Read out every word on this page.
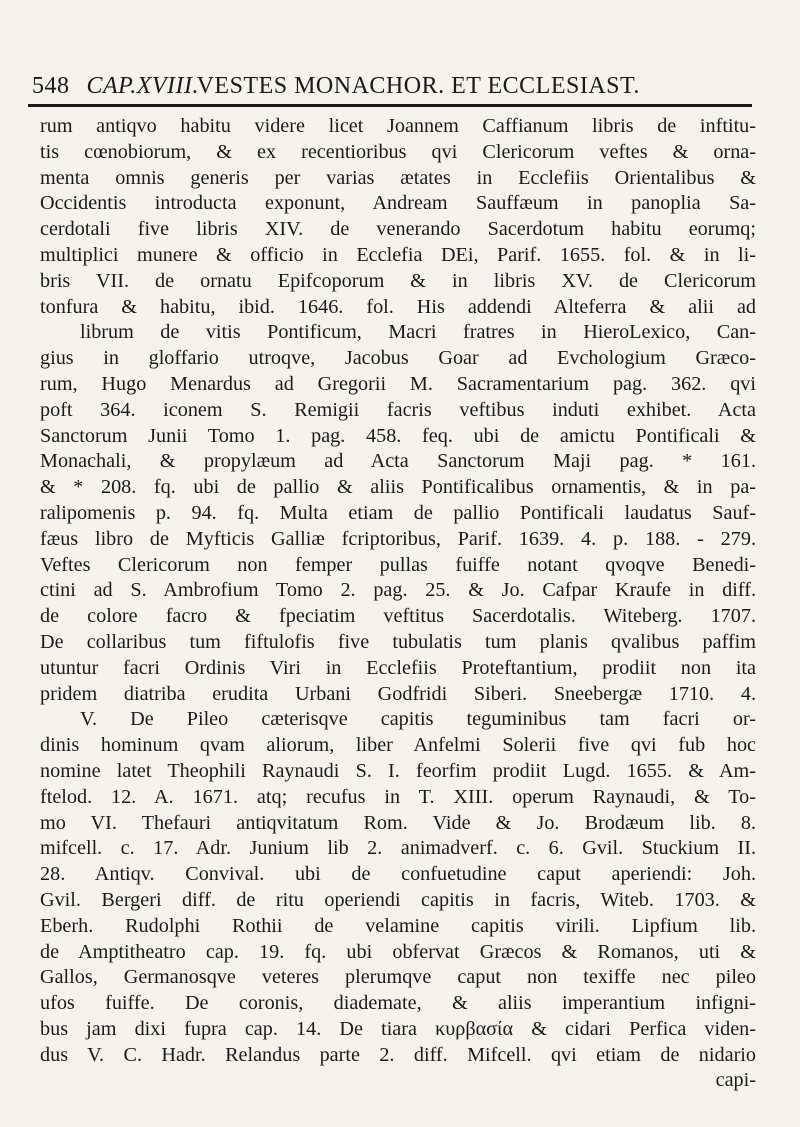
548 CAP.XVIII. VESTES MONACHOR. ET ECCLESIAST.
rum antiqvo habitu videre licet Joannem Caffianum libris de inftitu-
tis cœnobiorum, & ex recentioribus qvi Clericorum veftes & orna-
menta omnis generis per varias ætates in Ecclefiis Orientalibus &
Occidentis introducta exponunt, Andream Sauffæum in panoplia Sa-
cerdotali five libris XIV. de venerando Sacerdotum habitu eorumq;
multiplici munere & officio in Ecclefia DEi, Parif. 1655. fol. & in li-
bris VII. de ornatu Epifcoporum & in libris XV. de Clericorum
tonfura & habitu, ibid. 1646. fol. His addendi Alteferra & alii ad
librum de vitis Pontificum, Macri fratres in HieroLexico, Can-
gius in gloffario utroqve, Jacobus Goar ad Evchologium Græco-
rum, Hugo Menardus ad Gregorii M. Sacramentarium pag. 362. qvi
poft 364. iconem S. Remigii facris veftibus induti exhibet. Acta
Sanctorum Junii Tomo 1. pag. 458. feq. ubi de amictu Pontificali &
Monachali, & propylæum ad Acta Sanctorum Maji pag. * 161.
& * 208. fq. ubi de pallio & aliis Pontificalibus ornamentis, & in pa-
ralipomenis p. 94. fq. Multa etiam de pallio Pontificali laudatus Sauf-
fæus libro de Myfticis Galliæ fcriptoribus, Parif. 1639. 4. p. 188. - 279.
Veftes Clericorum non femper pullas fuiffe notant qvoqve Benedi-
ctini ad S. Ambrofium Tomo 2. pag. 25. & Jo. Cafpar Kraufe in diff.
de colore facro & fpeciatim veftitus Sacerdotalis. Witeberg. 1707.
De collaribus tum fiftulofis five tubulatis tum planis qvalibus paffim
utuntur facri Ordinis Viri in Ecclefiis Proteftantium, prodiit non ita
pridem diatriba erudita Urbani Godfridi Siberi. Sneebergæ 1710. 4.
V. De Pileo cæterisqve capitis teguminibus tam facri or-
dinis hominum qvam aliorum, liber Anfelmi Solerii five qvi fub hoc
nomine latet Theophili Raynaudi S. I. feorfim prodiit Lugd. 1655. & Am-
ftelod. 12. A. 1671. atq; recufus in T. XIII. operum Raynaudi, & To-
mo VI. Thefauri antiqvitatum Rom. Vide & Jo. Brodæum lib. 8.
mifcell. c. 17. Adr. Junium lib 2. animadverf. c. 6. Gvil. Stuckium II.
28. Antiqv. Convival. ubi de confuetudine caput aperiendi: Joh.
Gvil. Bergeri diff. de ritu operiendi capitis in facris, Witeb. 1703. &
Eberh. Rudolphi Rothii de velamine capitis virili. Lipfium lib.
de Amptitheatro cap. 19. fq. ubi obfervat Græcos & Romanos, uti &
Gallos, Germanosqve veteres plerumqve caput non texiffe nec pileo
ufos fuiffe. De coronis, diademate, & aliis imperantium infigni-
bus jam dixi fupra cap. 14. De tiara κυρβασία & cidari Perfica viden-
dus V. C. Hadr. Relandus parte 2. diff. Mifcell. qvi etiam de nidario
capi-
